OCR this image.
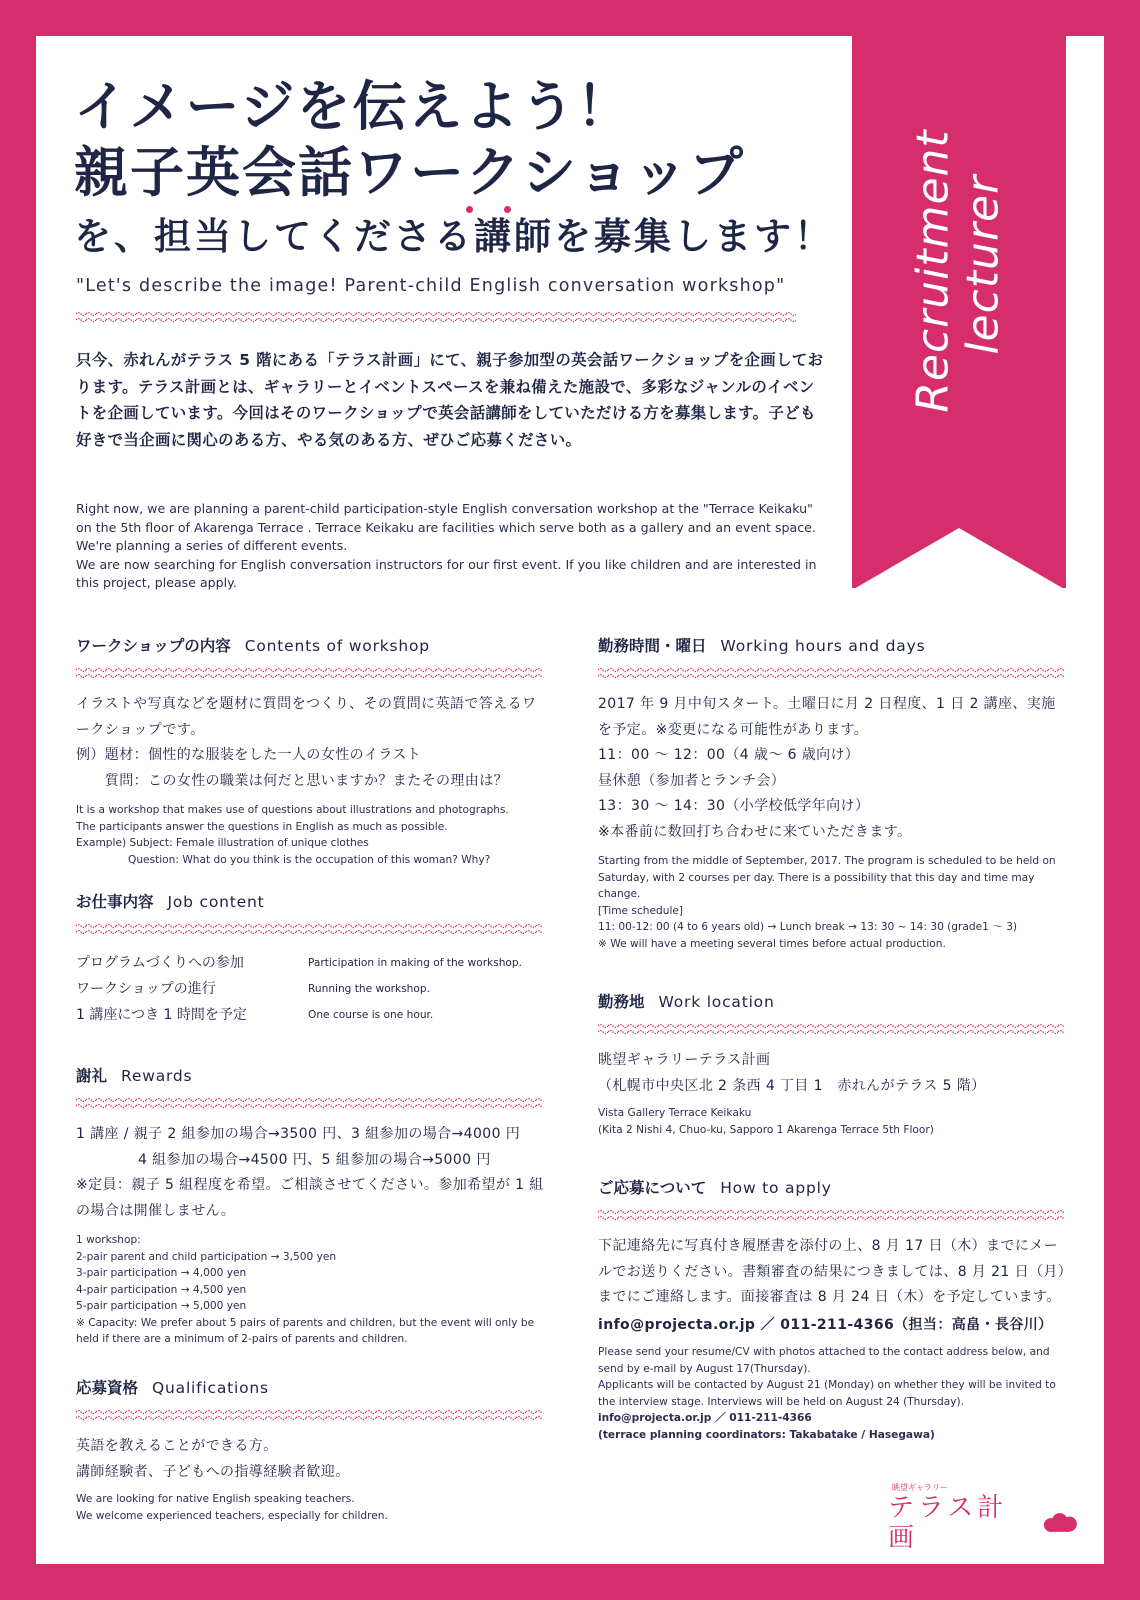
Recruitment lecturer
イメージを伝えよう！
親子英会話ワークショップ
を、担当してくださる講師を募集します！
"Let's describe the image! Parent-child English conversation workshop"
只今、赤れんがテラス 5 階にある「テラス計画」にて、親子参加型の英会話ワークショップを企画しております。テラス計画とは、ギャラリーとイベントスペースを兼ね備えた施設で、多彩なジャンルのイベントを企画しています。今回はそのワークショップで英会話講師をしていただける方を募集します。子ども好きで当企画に関心のある方、やる気のある方、ぜひご応募ください。
Right now, we are planning a parent-child participation-style English conversation workshop at the "Terrace Keikaku" on the 5th floor of Akarenga Terrace . Terrace Keikaku are facilities which serve both as a gallery and an event space. We're planning a series of different events.
We are now searching for English conversation instructors for our first event. If you like children and are interested in this project, please apply.
ワークショップの内容 Contents of workshop
イラストや写真などを題材に質問をつくり、その質問に英語で答えるワークショップです。
例）題材：個性的な服装をした一人の女性のイラスト
　　質問：この女性の職業は何だと思いますか？またその理由は？
It is a workshop that makes use of questions about illustrations and photographs.
The participants answer the questions in English as much as possible.
Example) Subject: Female illustration of unique clothes
Question: What do you think is the occupation of this woman? Why?
お仕事内容 Job content
プログラムづくりへの参加	Participation in making of the workshop.
ワークショップの進行	Running the workshop.
1 講座につき 1 時間を予定	One course is one hour.
謝礼 Rewards
1 講座 / 親子 2 組参加の場合→3500 円、3 組参加の場合→4000 円
4 組参加の場合→4500 円、5 組参加の場合→5000 円
※定員：親子 5 組程度を希望。ご相談させてください。参加希望が 1 組の場合は開催しません。
1 workshop:
2-pair parent and child participation → 3,500 yen
3-pair participation → 4,000 yen
4-pair participation → 4,500 yen
5-pair participation → 5,000 yen
※ Capacity: We prefer about 5 pairs of parents and children, but the event will only be held if there are a minimum of 2-pairs of parents and children.
応募資格 Qualifications
英語を教えることができる方。
講師経験者、子どもへの指導経験者歓迎。
We are looking for native English speaking teachers.
We welcome experienced teachers, especially for children.
勤務時間・曜日 Working hours and days
2017 年 9 月中旬スタート。土曜日に月 2 日程度、1 日 2 講座、実施を予定。※変更になる可能性があります。
11：00 ～ 12：00（4 歳～ 6 歳向け）
昼休憩（参加者とランチ会）
13：30 ～ 14：30（小学校低学年向け）
※本番前に数回打ち合わせに来ていただきます。
Starting from the middle of September, 2017. The program is scheduled to be held on Saturday, with 2 courses per day. There is a possibility that this day and time may change.
[Time schedule]
11: 00-12: 00 (4 to 6 years old) → Lunch break → 13: 30 ~ 14: 30 (grade1 〜 3)
※ We will have a meeting several times before actual production.
勤務地 Work location
眺望ギャラリーテラス計画
（札幌市中央区北 2 条西 4 丁目 1　赤れんがテラス 5 階）
Vista Gallery Terrace Keikaku
(Kita 2 Nishi 4, Chuo-ku, Sapporo 1 Akarenga Terrace 5th Floor)
ご応募について How to apply
下記連絡先に写真付き履歴書を添付の上、8 月 17 日（木）までにメールでお送りください。書類審査の結果につきましては、8 月 21 日（月）までにご連絡します。面接審査は 8 月 24 日（木）を予定しています。
info@projecta.or.jp ／ 011-211-4366（担当：高畠・長谷川）
Please send your resume/CV with photos attached to the contact address below, and send by e-mail by August 17(Thursday).
Applicants will be contacted by August 21 (Monday) on whether they will be invited to the interview stage. Interviews will be held on August 24 (Thursday).
info@projecta.or.jp ／ 011-211-4366
(terrace planning coordinators: Takabatake / Hasegawa)
眺望ギャラリー
テラス計画
